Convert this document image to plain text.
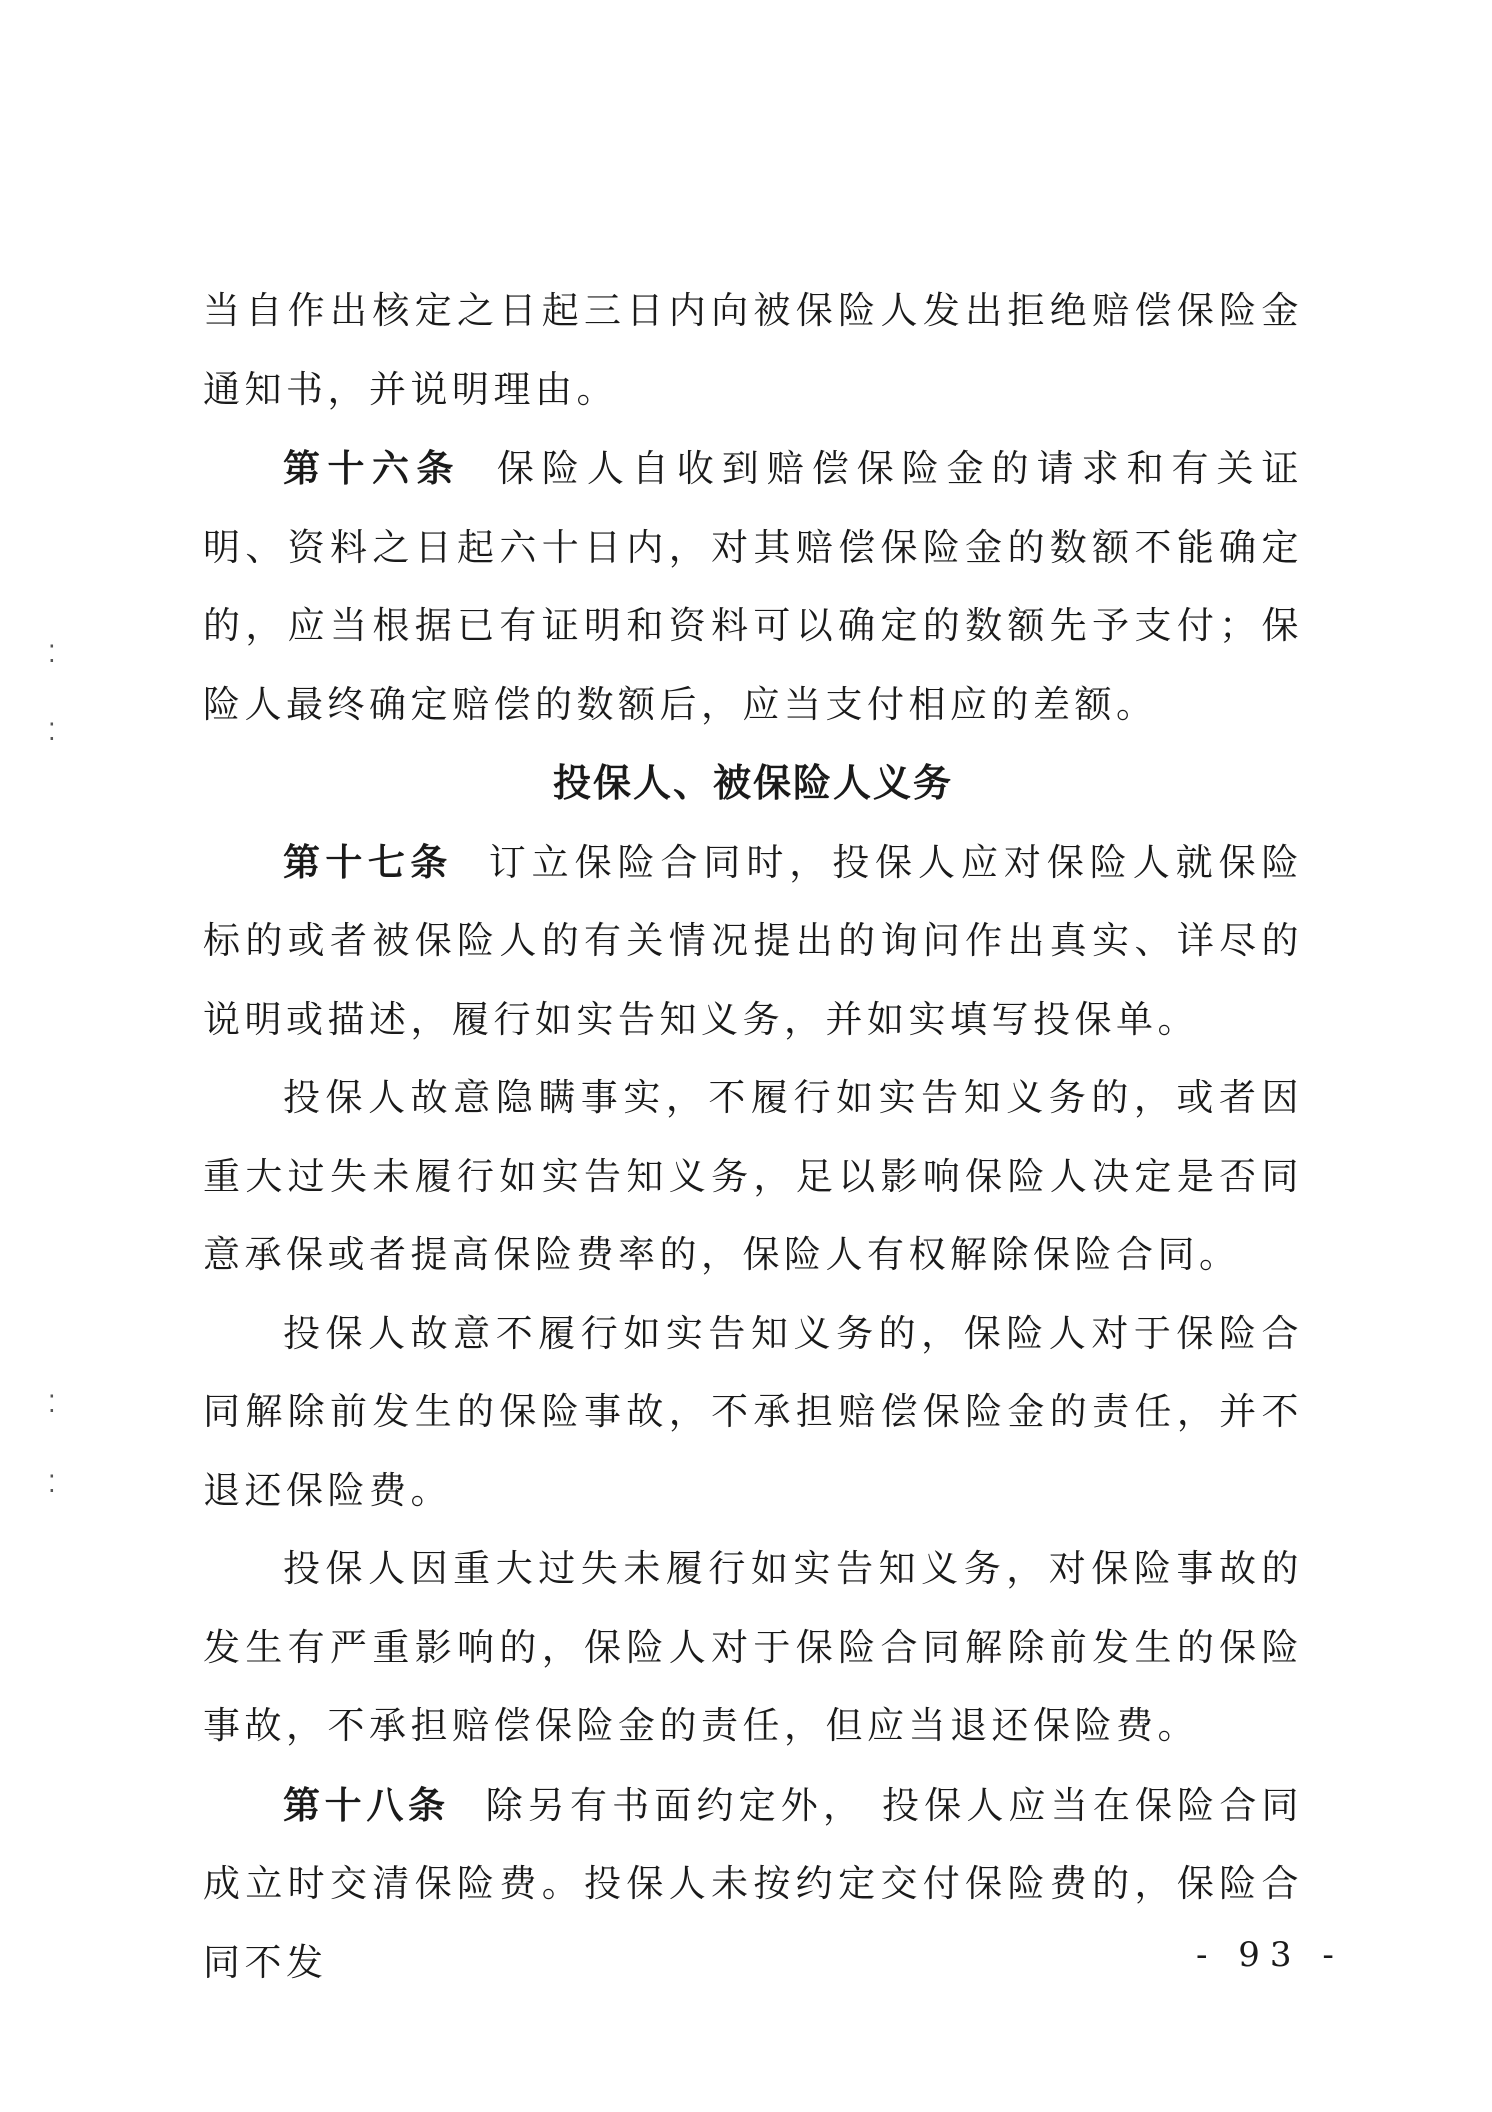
⁚
⁚
⁚
⁚

当自作出核定之日起三日内向被保险人发出拒绝赔偿保险金通知书，并说明理由。

第十六条 保险人自收到赔偿保险金的请求和有关证明、资料之日起六十日内，对其赔偿保险金的数额不能确定的，应当根据已有证明和资料可以确定的数额先予支付；保险人最终确定赔偿的数额后，应当支付相应的差额。

投保人、被保险人义务

第十七条 订立保险合同时，投保人应对保险人就保险标的或者被保险人的有关情况提出的询问作出真实、详尽的说明或描述，履行如实告知义务，并如实填写投保单。

投保人故意隐瞒事实，不履行如实告知义务的，或者因重大过失未履行如实告知义务，足以影响保险人决定是否同意承保或者提高保险费率的，保险人有权解除保险合同。

投保人故意不履行如实告知义务的，保险人对于保险合同解除前发生的保险事故，不承担赔偿保险金的责任，并不退还保险费。

投保人因重大过失未履行如实告知义务，对保险事故的发生有严重影响的，保险人对于保险合同解除前发生的保险事故，不承担赔偿保险金的责任，但应当退还保险费。

第十八条 除另有书面约定外， 投保人应当在保险合同成立时交清保险费。投保人未按约定交付保险费的，保险合同不发	- 93 -
